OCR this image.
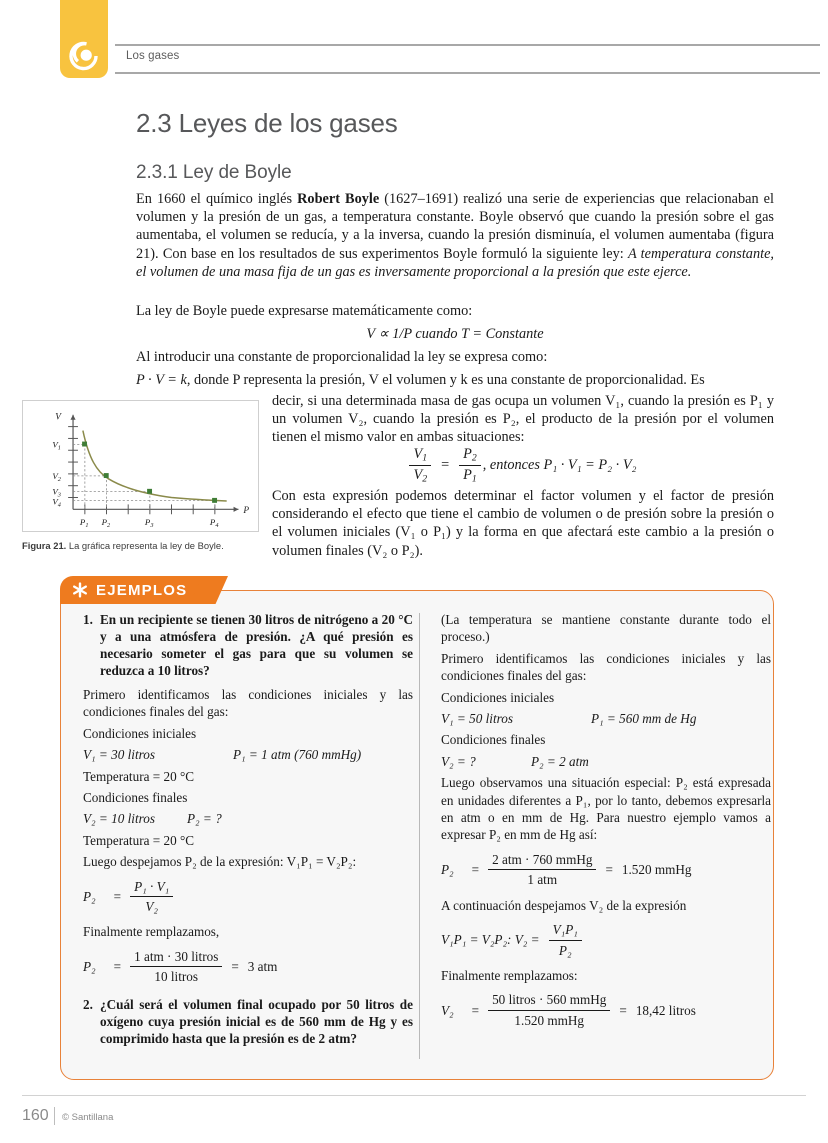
Los gases
2.3 Leyes de los gases
2.3.1 Ley de Boyle

En 1660 el químico inglés Robert Boyle (1627–1691) realizó una serie de experiencias que relacionaban el volumen y la presión de un gas, a temperatura constante. Boyle observó que cuando la presión sobre el gas aumentaba, el volumen se reducía, y a la inversa, cuando la presión disminuía, el volumen aumentaba (figura 21). Con base en los resultados de sus experimentos Boyle formuló la siguiente ley: A temperatura constante, el volumen de una masa fija de un gas es inversamente proporcional a la presión que este ejerce.

La ley de Boyle puede expresarse matemáticamente como:
V ∝ 1/P cuando T = Constante
Al introducir una constante de proporcionalidad la ley se expresa como:
P · V = k, donde P representa la presión, V el volumen y k es una constante de proporcionalidad. Es
decir, si una determinada masa de gas ocupa un volumen V₁, cuando la presión es P₁ y un volumen V₂, cuando la presión es P₂, el producto de la presión por el volumen tienen el mismo valor en ambas situaciones:
$\frac{V_1}{V_2} = \frac{P_2}{P_1}$ , entonces P₁ · V₁ = P₂ · V₂
Con esta expresión podemos determinar el factor volumen y el factor de presión considerando el efecto que tiene el cambio de volumen o de presión sobre la presión o el volumen iniciales (V₁ o P₁) y la forma en que afectará este cambio a la presión o volumen finales (V₂ o P₂).
V
P
$V_1$
$V_2$
$V_3$
$V_4$
$P_1$ $P_2$	$P_3$	$P_4$
Figura 21. La gráfica representa la ley de Boyle.
1. En un recipiente se tienen 30 litros de nitrógeno a 20 °C y a una atmósfera de presión. ¿A qué presión es necesario someter el gas para que su volumen se reduzca a 10 litros?

Primero identificamos las condiciones iniciales y las condiciones finales del gas:

Condiciones iniciales

V₁ = 30 litros	P₁ = 1 atm (760 mmHg)

Temperatura = 20 °C

Condiciones finales

V₂ = 10 litros	P₂ = ?

Temperatura = 20 °C

Luego despejamos P₂ de la expresión: V₁P₁ = V₂P₂:

$P_2 = \frac{\text{P₁ · V₁}}{\text{V₂}}$

Finalmente remplazamos,

$P_2 = \frac{\text{1 atm · 30 litros}}{\text{10 litros}} = 3$ atm
2. ¿Cuál será el volumen final ocupado por 50 litros de oxígeno cuya presión inicial es de 560 mm de Hg y es comprimido hasta que la presión es de 2 atm?

(La temperatura se mantiene constante durante todo el proceso.)

Primero identificamos las condiciones iniciales y las condiciones finales del gas:

Condiciones iniciales

V₁ = 50 litros	P₁ = 560 mm de Hg

Condiciones finales

V₂ = ?	P₂ = 2 atm

Luego observamos una situación especial: P₂ está expresada en unidades diferentes a P₁, por lo tanto, debemos expresarla en atm o en mm de Hg. Para nuestro ejemplo vamos a expresar P₂ en mm de Hg así:

$P_2 = \frac{\text{2 atm · 760 mmHg}}{\text{1 atm}} = 1.520$ mmHg

A continuación despejamos V₂ de la expresión

V₁P₁ = V₂P₂: $V_2 = \frac{\text{V₁P₁}}{\text{P₂}}$

Finalmente remplazamos:

$V_2 = \frac{\text{50 litros · 560 mmHg}}{\text{1.520 mmHg}} = 18,42$ litros
EJEMPLOS
160 © Santillana
